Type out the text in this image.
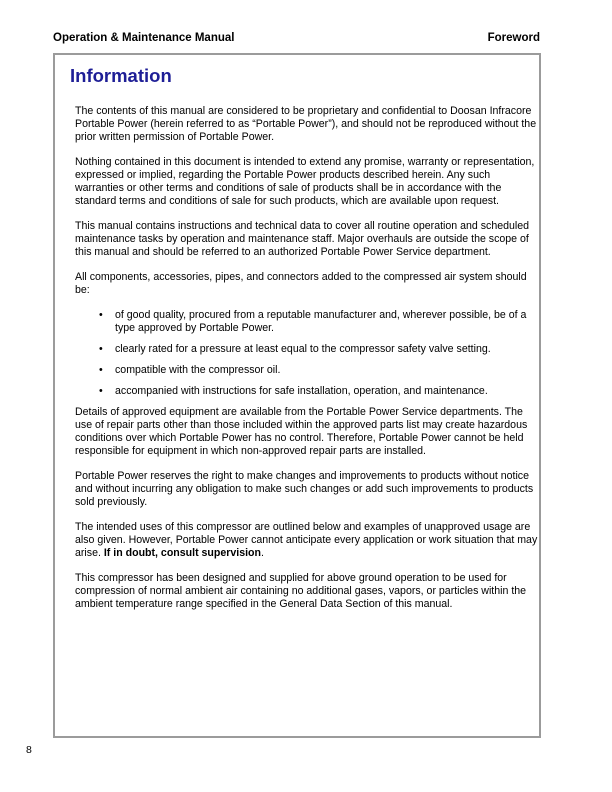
Operation & Maintenance Manual	Foreword
Information

The contents of this manual are considered to be proprietary and confidential to Doosan Infracore Portable Power (herein referred to as “Portable Power”), and should not be reproduced without the prior written permission of Portable Power.

Nothing contained in this document is intended to extend any promise, warranty or representation, expressed or implied, regarding the Portable Power products described herein. Any such warranties or other terms and conditions of sale of products shall be in accordance with the standard terms and conditions of sale for such products, which are available upon request.

This manual contains instructions and technical data to cover all routine operation and scheduled maintenance tasks by operation and maintenance staff. Major overhauls are outside the scope of this manual and should be referred to an authorized Portable Power Service department.

All components, accessories, pipes, and connectors added to the compressed air system should be:

• of good quality, procured from a reputable manufacturer and, wherever possible, be of a type approved by Portable Power.
• clearly rated for a pressure at least equal to the compressor safety valve setting.
• compatible with the compressor oil.
• accompanied with instructions for safe installation, operation, and maintenance.

Details of approved equipment are available from the Portable Power Service departments. The use of repair parts other than those included within the approved parts list may create hazardous conditions over which Portable Power has no control. Therefore, Portable Power cannot be held responsible for equipment in which non-approved repair parts are installed.

Portable Power reserves the right to make changes and improvements to products without notice and without incurring any obligation to make such changes or add such improvements to products sold previously.

The intended uses of this compressor are outlined below and examples of unapproved usage are also given. However, Portable Power cannot anticipate every application or work situation that may arise. If in doubt, consult supervision.

This compressor has been designed and supplied for above ground operation to be used for compression of normal ambient air containing no additional gases, vapors, or particles within the ambient temperature range specified in the General Data Section of this manual.

8
